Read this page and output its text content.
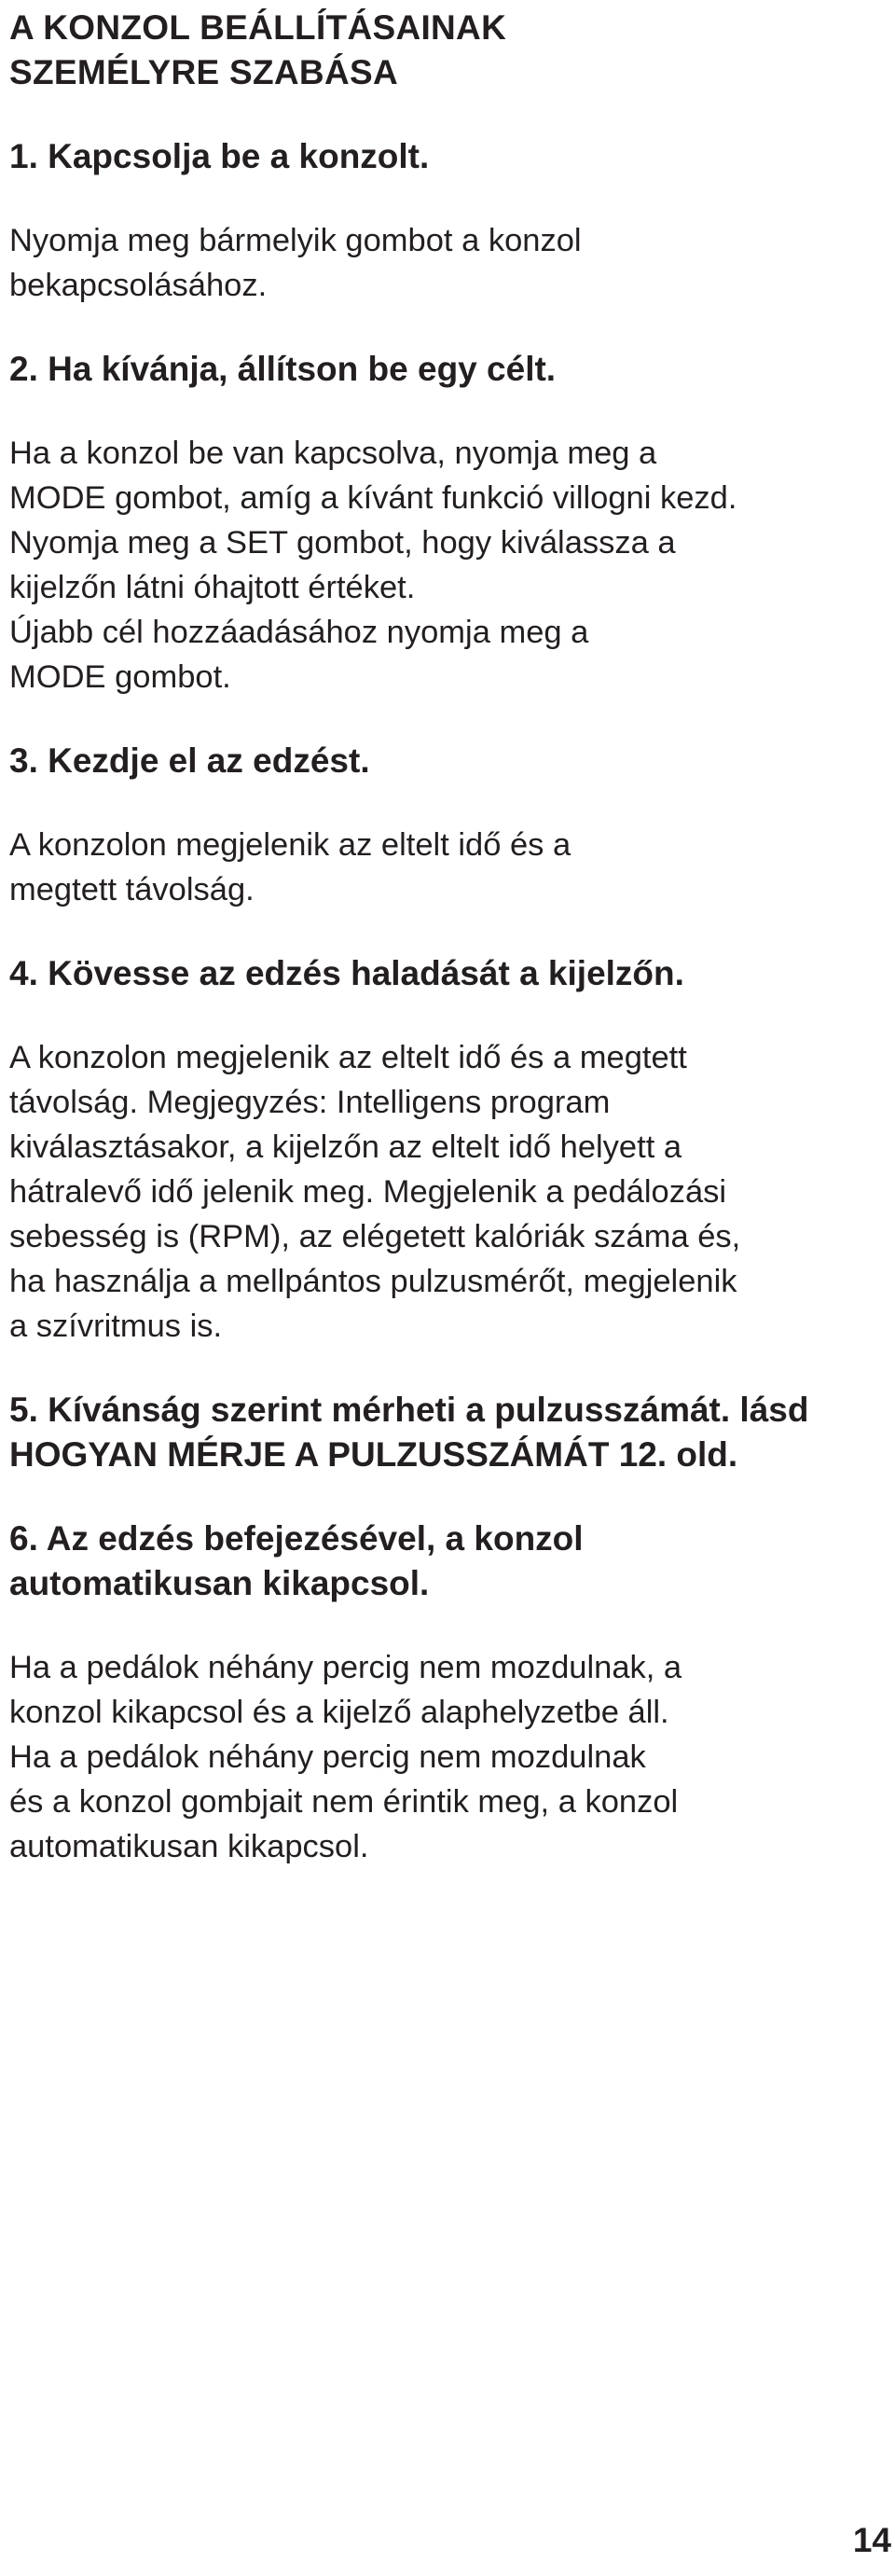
A KONZOL BEÁLLÍTÁSAINAK
SZEMÉLYRE SZABÁSA
1. Kapcsolja be a konzolt.

Nyomja meg bármelyik gombot a konzol
bekapcsolásához.

2. Ha kívánja, állítson be egy célt.

Ha a konzol be van kapcsolva, nyomja meg a
MODE gombot, amíg a kívánt funkció villogni kezd.
Nyomja meg a SET gombot, hogy kiválassza a
kijelzőn látni óhajtott értéket.
Újabb cél hozzáadásához nyomja meg a
MODE gombot.

3. Kezdje el az edzést.

A konzolon megjelenik az eltelt idő és a
megtett távolság.

4. Kövesse az edzés haladását a kijelzőn.

A konzolon megjelenik az eltelt idő és a megtett
távolság. Megjegyzés: Intelligens program
kiválasztásakor, a kijelzőn az eltelt idő helyett a
hátralevő idő jelenik meg. Megjelenik a pedálozási
sebesség is (RPM), az elégetett kalóriák száma és,
ha használja a mellpántos pulzusmérőt, megjelenik
a szívritmus is.

5. Kívánság szerint mérheti a pulzusszámát. lásd
HOGYAN MÉRJE A PULZUSSZÁMÁT 12. old.
6. Az edzés befejezésével, a konzol
automatikusan kikapcsol.

Ha a pedálok néhány percig nem mozdulnak, a
konzol kikapcsol és a kijelző alaphelyzetbe áll.
Ha a pedálok néhány percig nem mozdulnak
és a konzol gombjait nem érintik meg, a konzol
automatikusan kikapcsol.

14
